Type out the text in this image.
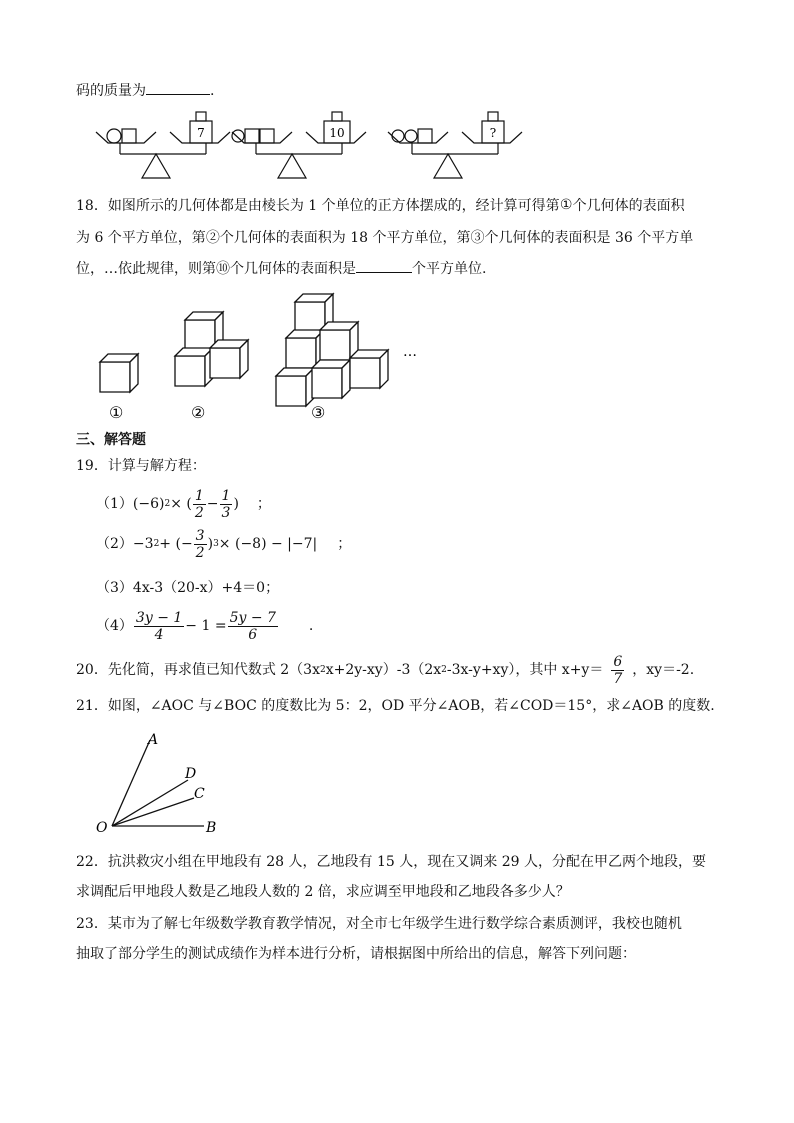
码的质量为	.
7	10	?
18．如图所示的几何体都是由棱长为 1 个单位的正方体摆成的，经计算可得第①个几何体的表面积
为 6 个平方单位，第②个几何体的表面积为 18 个平方单位，第③个几何体的表面积是 36 个平方单
位，…依此规律，则第⑩个几何体的表面积是	个平方单位.
…
①	②	③
三、解答题
19．计算与解方程：
（1） (−6) 2 × ( $\frac{1}{2} - \frac{1}{3}$ ) ；
（2） −3 2 + (− $\frac{3}{2}$ ) 3 × (−8) − |−7| ；
（3）4x-3（20-x）+4＝0；
$(4) \frac{3y - 1}{4} - 1 = \frac{5y - 7}{6}$ .
20． 先化简，再求值已知代数式 2（3x 2 x+2y-xy）-3（2x 2 -3x-y+xy），其中 $x+y= \frac{6}{7}$ ，xy＝-2.
21．如图，∠AOC 与∠BOC 的度数比为 5：2，OD 平分∠AOB，若∠COD＝15°，求∠AOB 的度数.
A
D
C
O	B
22．抗洪救灾小组在甲地段有 28 人，乙地段有 15 人，现在又调来 29 人，分配在甲乙两个地段，要
求调配后甲地段人数是乙地段人数的 2 倍，求应调至甲地段和乙地段各多少人？
23．某市为了解七年级数学教育教学情况，对全市七年级学生进行数学综合素质测评，我校也随机
抽取了部分学生的测试成绩作为样本进行分析，请根据图中所给出的信息，解答下列问题：
